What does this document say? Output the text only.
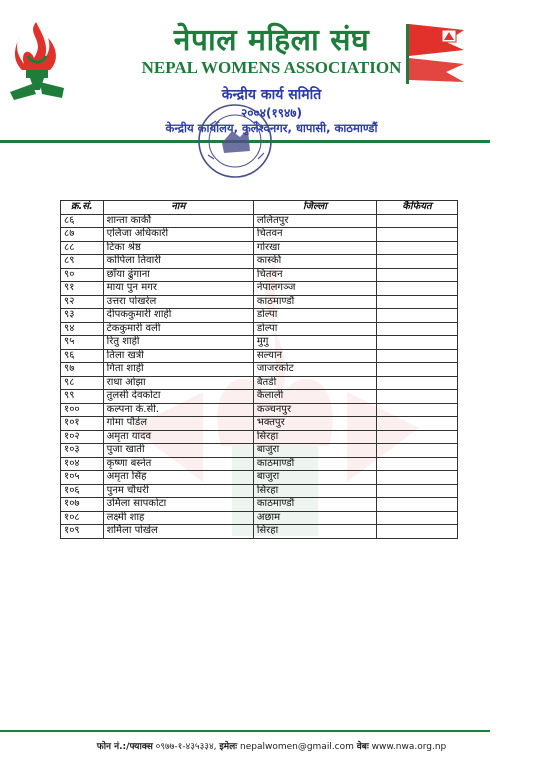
नेपाल महिला संघ
NEPAL WOMENS ASSOCIATION
केन्द्रीय कार्य समिति
२००४(१९४७)
केन्द्रीय कार्यालय, कुलेश्वनगर, धापासी, काठमाण्डौं
क्र.सं.	नाम	जिल्ला	कैफियत
८६	शान्ता कार्की	ललितपुर	
८७	एलिजा अधिकारी	चितवन	
८८	टिका श्रेष्ठ	गोरखा	
८९	कोपिला तिवारी	कास्की	
९०	छाँया ढुंगाना	चितवन	
९१	माया पुन मगर	नेपालगञ्ज	
९२	उत्तरा पोखरेल	काठमाण्डौं	
९३	दीपककुमारी शाही	डोल्पा	
९४	टेककुमारी वली	डोल्पा	
९५	रितु शाही	मुगु	
९६	तिला खत्री	सल्यान	
९७	गिता शाही	जाजरकोट	
९८	राधा ओझा	बैतडी	
९९	तुलसी देवकोटा	कैलाली	
१००	कल्पना के.सी.	कञ्चनपुर	
१०१	गोमा पौडेल	भक्तपुर	
१०२	अमृता यादव	सिरहा	
१०३	पुजा खाती	बाजुरा	
१०४	कृष्णा बस्नेत	काठमाण्डौं	
१०५	अमृता सिंह	बाजुरा	
१०६	पुनम चौधरी	सिरहा	
१०७	उर्मिला सापकोटा	काठमाण्डौं	
१०८	लक्ष्मी शाह	अछाम	
१०९	शर्मिला पोखेल	सिरहा	
फोन नं.:/फ्याक्स ०९७७-१-४३५३३४, इमेलः nepalwomen@gmail.com वेबः www.nwa.org.np
